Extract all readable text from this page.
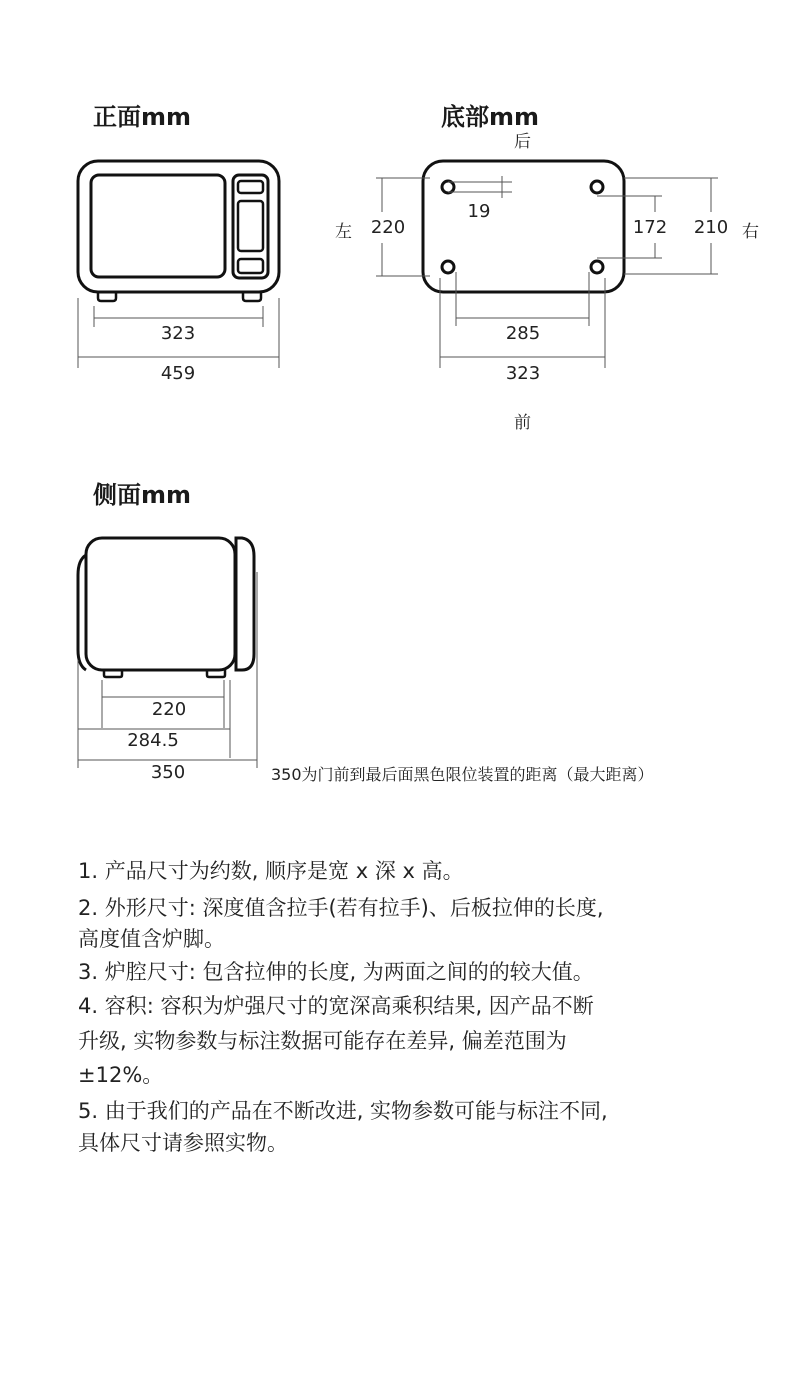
正面mm
323
459
底部mm
后
前
左	右
220
19
172	210
285
323
侧面mm
220
284.5
350	350为门前到最后面黑色限位装置的距离（最大距离）
1. 产品尺寸为约数, 顺序是宽 x 深 x 高。
2. 外形尺寸: 深度值含拉手(若有拉手)、后板拉伸的长度,
高度值含炉脚。
3. 炉腔尺寸: 包含拉伸的长度, 为两面之间的的较大值。
4. 容积: 容积为炉强尺寸的宽深高乘积结果, 因产品不断
升级, 实物参数与标注数据可能存在差异, 偏差范围为
±12%。
5. 由于我们的产品在不断改进, 实物参数可能与标注不同,
具体尺寸请参照实物。
